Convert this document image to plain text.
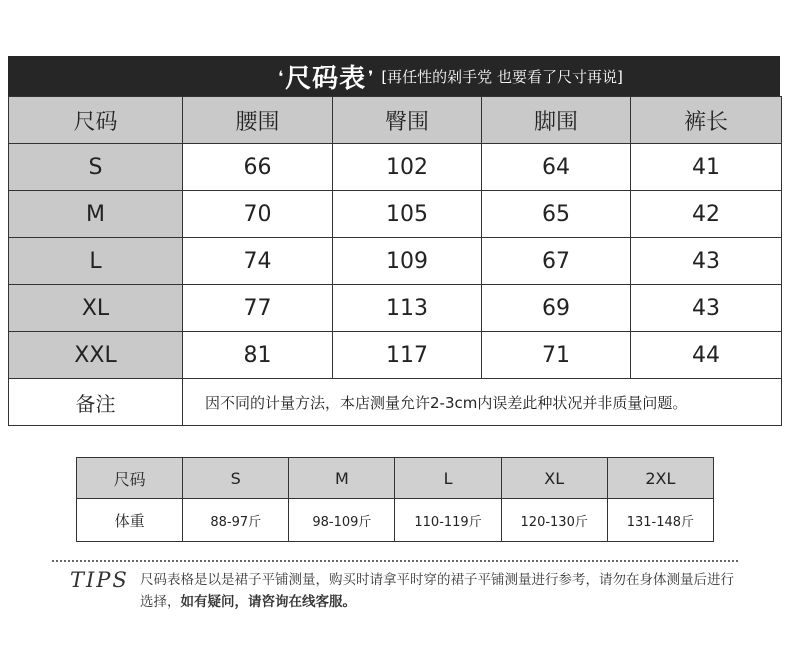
❛ 尺码表 ❜ [再任性的剁手党 也要看了尺寸再说]
尺码	腰围	臀围	脚围	裤长
S	66	102	64	41
M	70	105	65	42
L	74	109	67	43
XL	77	113	69	43
XXL	81	117	71	44
备注	因不同的计量方法，本店测量允许2-3cm内误差此种状况并非质量问题。			
尺码	S	M	L	XL	2XL
体重	88-97斤	98-109斤	110-119斤	120-130斤	131-148斤
TIPS 尺码表格是以是裙子平铺测量，购买时请拿平时穿的裙子平铺测量进行参考，请勿在身体测量后进行选择，如有疑问，请咨询在线客服。
